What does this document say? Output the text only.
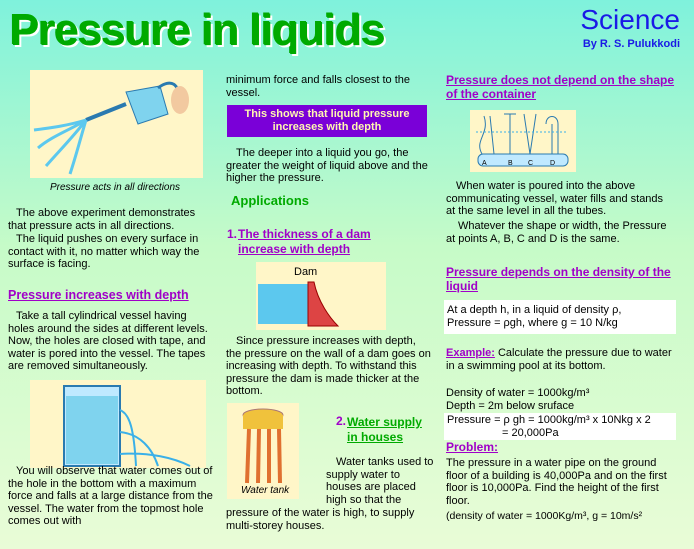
Pressure in liquids	Science
By R. S. Pulukkodi
Pressure acts in all directions

The above experiment demonstrates that pressure acts in all directions.

The liquid pushes on every surface in contact with it, no matter which way the surface is facing.

Pressure increases with depth

Take a tall cylindrical vessel having holes around the sides at different levels. Now, the holes are closed with tape, and water is pored into the vessel. The tapes are removed simultaneously.

You will observe that water comes out of the hole in the bottom with a maximum force and falls at a large distance from the vessel. The water from the topmost hole comes out with

minimum force and falls closest to the vessel.

This shows that liquid pressure increases with depth

The deeper into a liquid you go, the greater the weight of liquid above and the higher the pressure.

Applications
1. The thickness of a dam increase with depth

Dam

Since pressure increases with depth, the pressure on the wall of a dam goes on increasing with depth. To withstand this pressure the dam is made thicker at the bottom.

Water tank
2. Water supply in houses

Water tanks used to supply water to houses are placed high so that the

pressure of the water is high, to supply multi-storey houses.

Pressure does not depend on the shape of the container

A	B C D

When water is poured into the above communicating vessel, water fills and stands at the same level in all the tubes.

Whatever the shape or width, the Pressure at points A, B, C and D is the same.

Pressure depends on the density of the liquid

At a depth h, in a liquid of density ρ,
Pressure = ρgh, where g = 10 N/kg

Example: Calculate the pressure due to water in a swimming pool at its bottom.

Density of water = 1000kg/m³

Depth = 2m below sruface

Pressure = ρ gh = 1000kg/m³ x 10Nkg x 2
= 20,000Pa

Problem:

The pressure in a water pipe on the ground floor of a building is 40,000Pa and on the first floor is 10,000Pa. Find the height of the first floor.

(density of water = 1000Kg/m³, g = 10m/s²
